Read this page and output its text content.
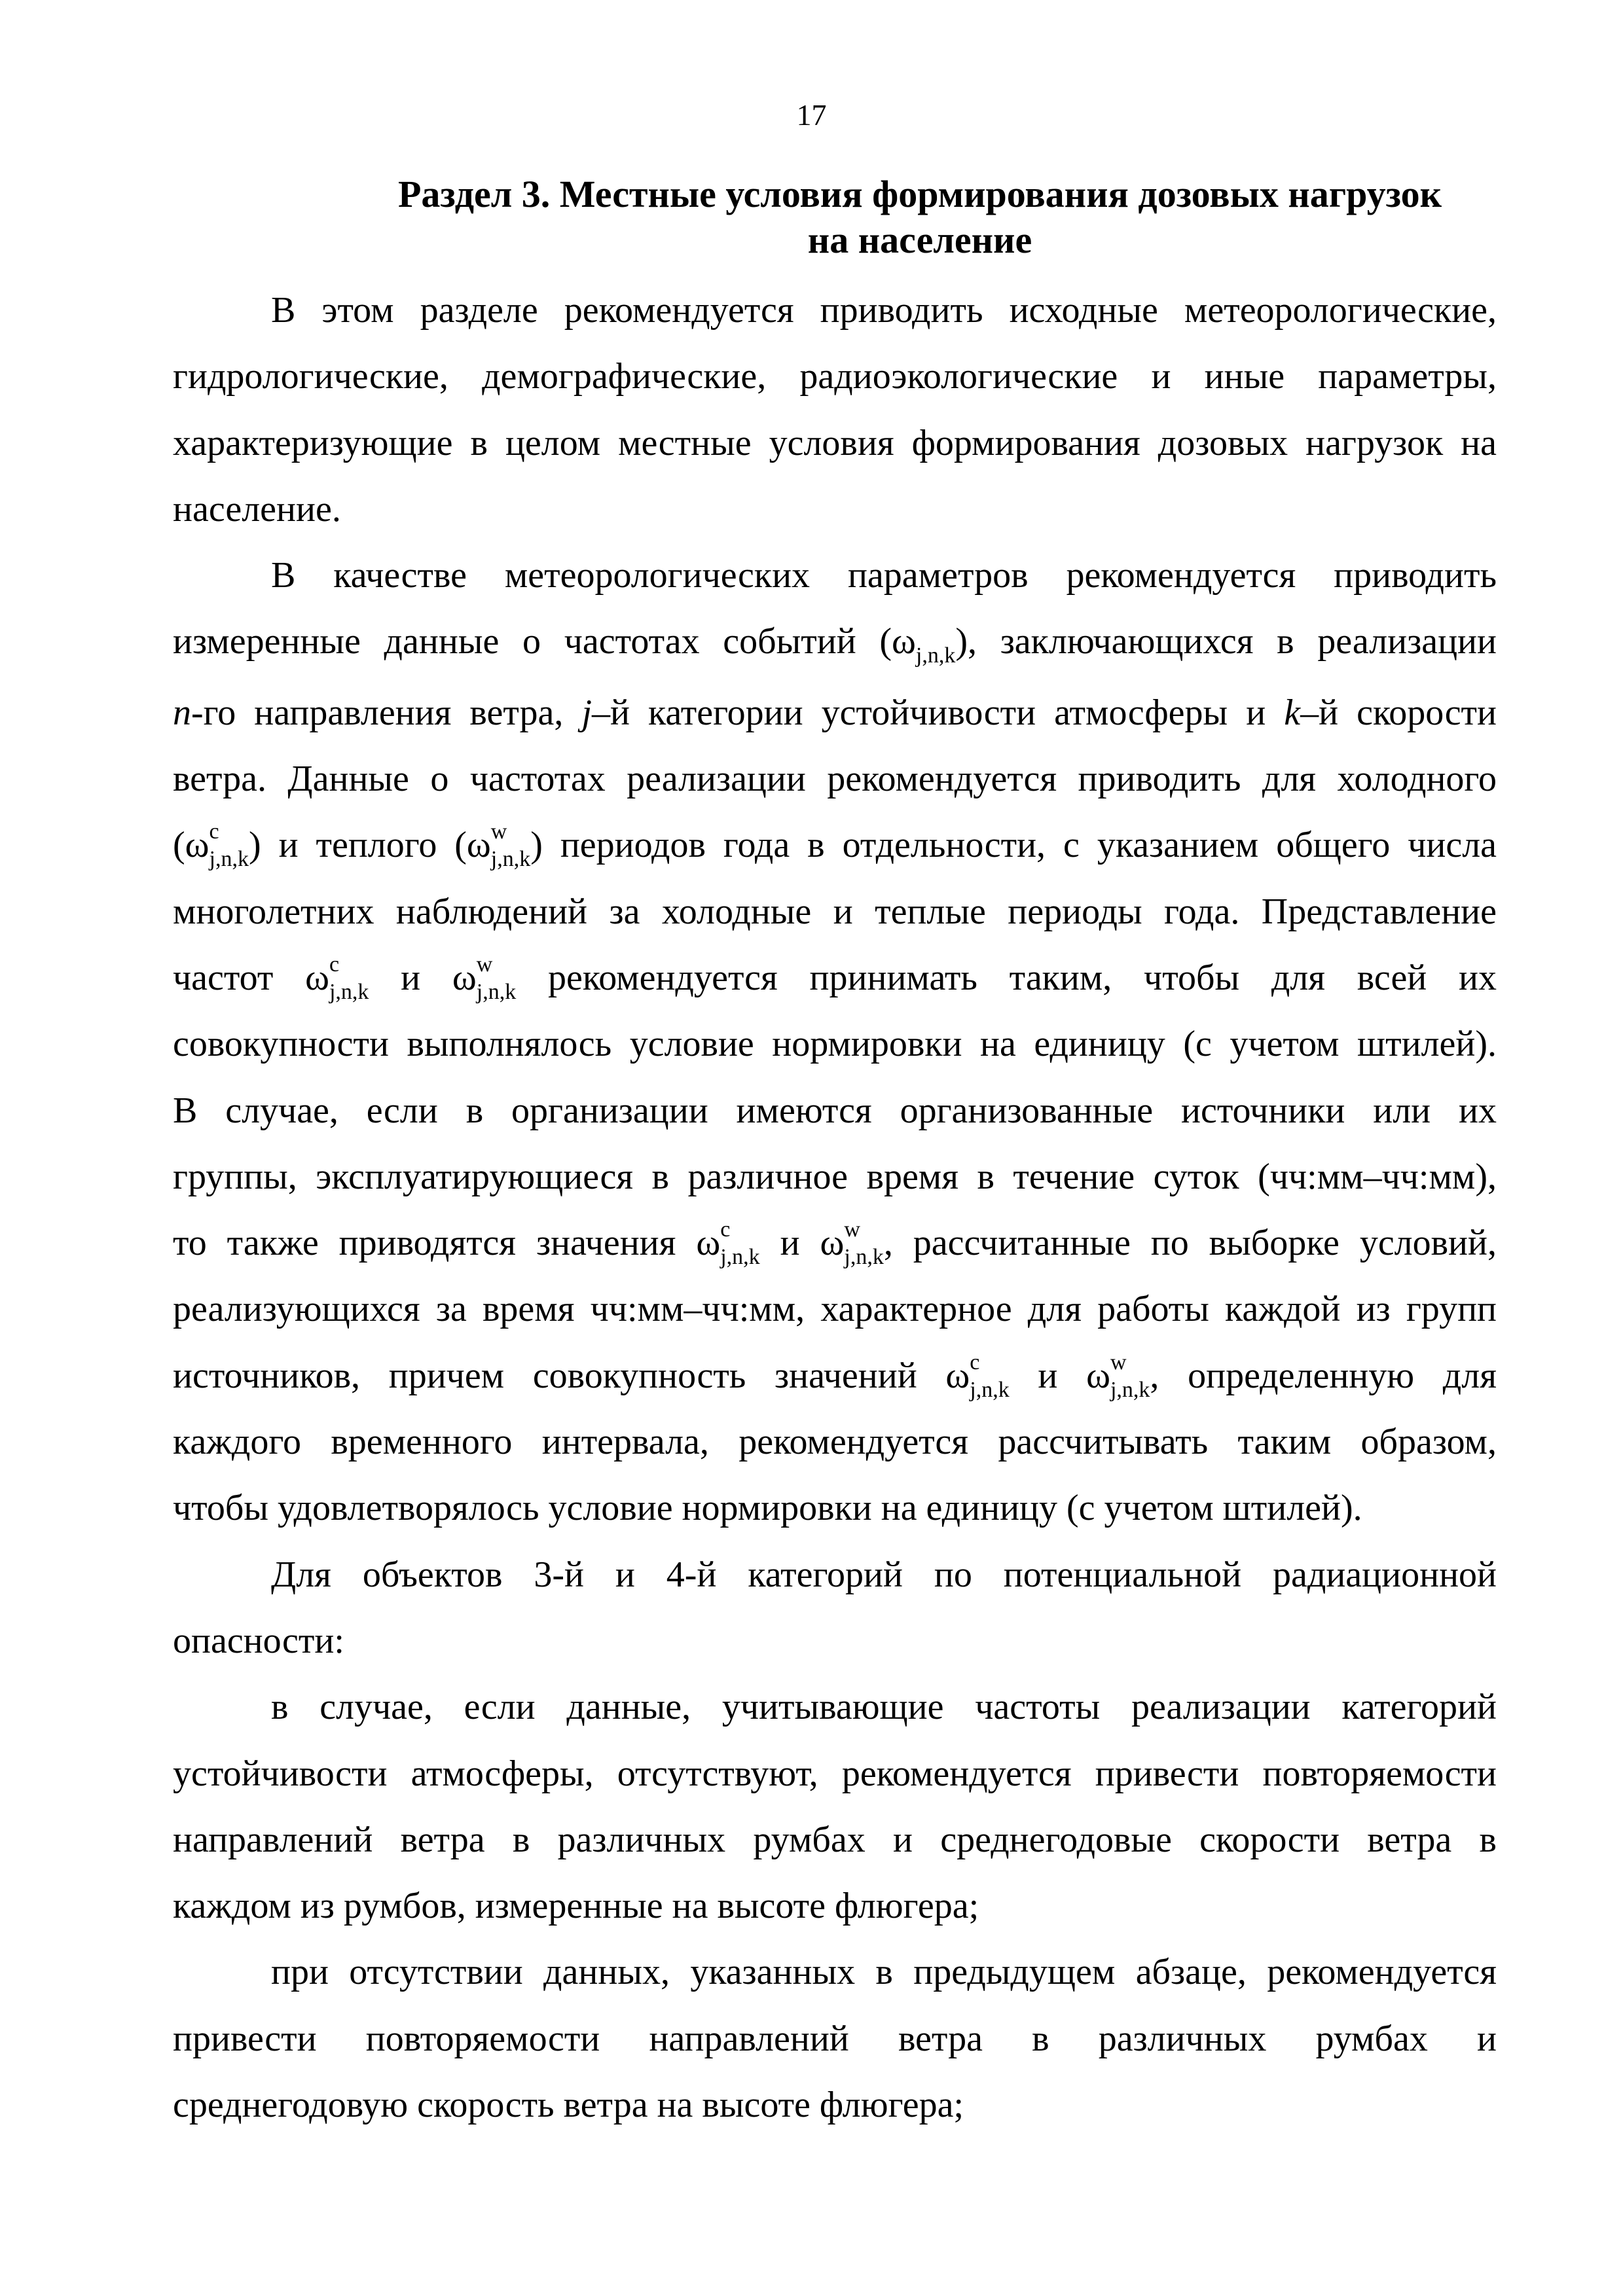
17
Раздел 3. Местные условия формирования дозовых нагрузок
на население
В этом разделе рекомендуется приводить исходные метеорологические,
гидрологические, демографические, радиоэкологические и иные параметры,
характеризующие в целом местные условия формирования дозовых нагрузок на
население.
В качестве метеорологических параметров рекомендуется приводить
измеренные данные о частотах событий $(\omega_{j,n,k})$, заключающихся в реализации
n-го направления ветра, j–й категории устойчивости атмосферы и k–й скорости
ветра. Данные о частотах реализации рекомендуется приводить для холодного
(ω c
j,n,k ) и теплого (ω w
j,n,k ) периодов года в отдельности, с указанием общего числа
многолетних наблюдений за холодные и теплые периоды года. Представление
частот ω c
j,n,k и ω w
j,n,k рекомендуется принимать таким, чтобы для всей их
совокупности выполнялось условие нормировки на единицу (с учетом штилей).
В случае, если в организации имеются организованные источники или их
группы, эксплуатирующиеся в различное время в течение суток (чч:мм–чч:мм),
то также приводятся значения ω c
j,n,k и ω w
j,n,k , рассчитанные по выборке условий,
реализующихся за время чч:мм–чч:мм, характерное для работы каждой из групп
источников, причем совокупность значений ω c
j,n,k и ω w
j,n,k , определенную для
каждого временного интервала, рекомендуется рассчитывать таким образом,
чтобы удовлетворялось условие нормировки на единицу (с учетом штилей).
Для объектов 3-й и 4-й категорий по потенциальной радиационной
опасности:
в случае, если данные, учитывающие частоты реализации категорий
устойчивости атмосферы, отсутствуют, рекомендуется привести повторяемости
направлений ветра в различных румбах и среднегодовые скорости ветра в
каждом из румбов, измеренные на высоте флюгера;
при отсутствии данных, указанных в предыдущем абзаце, рекомендуется
привести повторяемости направлений ветра в различных румбах и
среднегодовую скорость ветра на высоте флюгера;
